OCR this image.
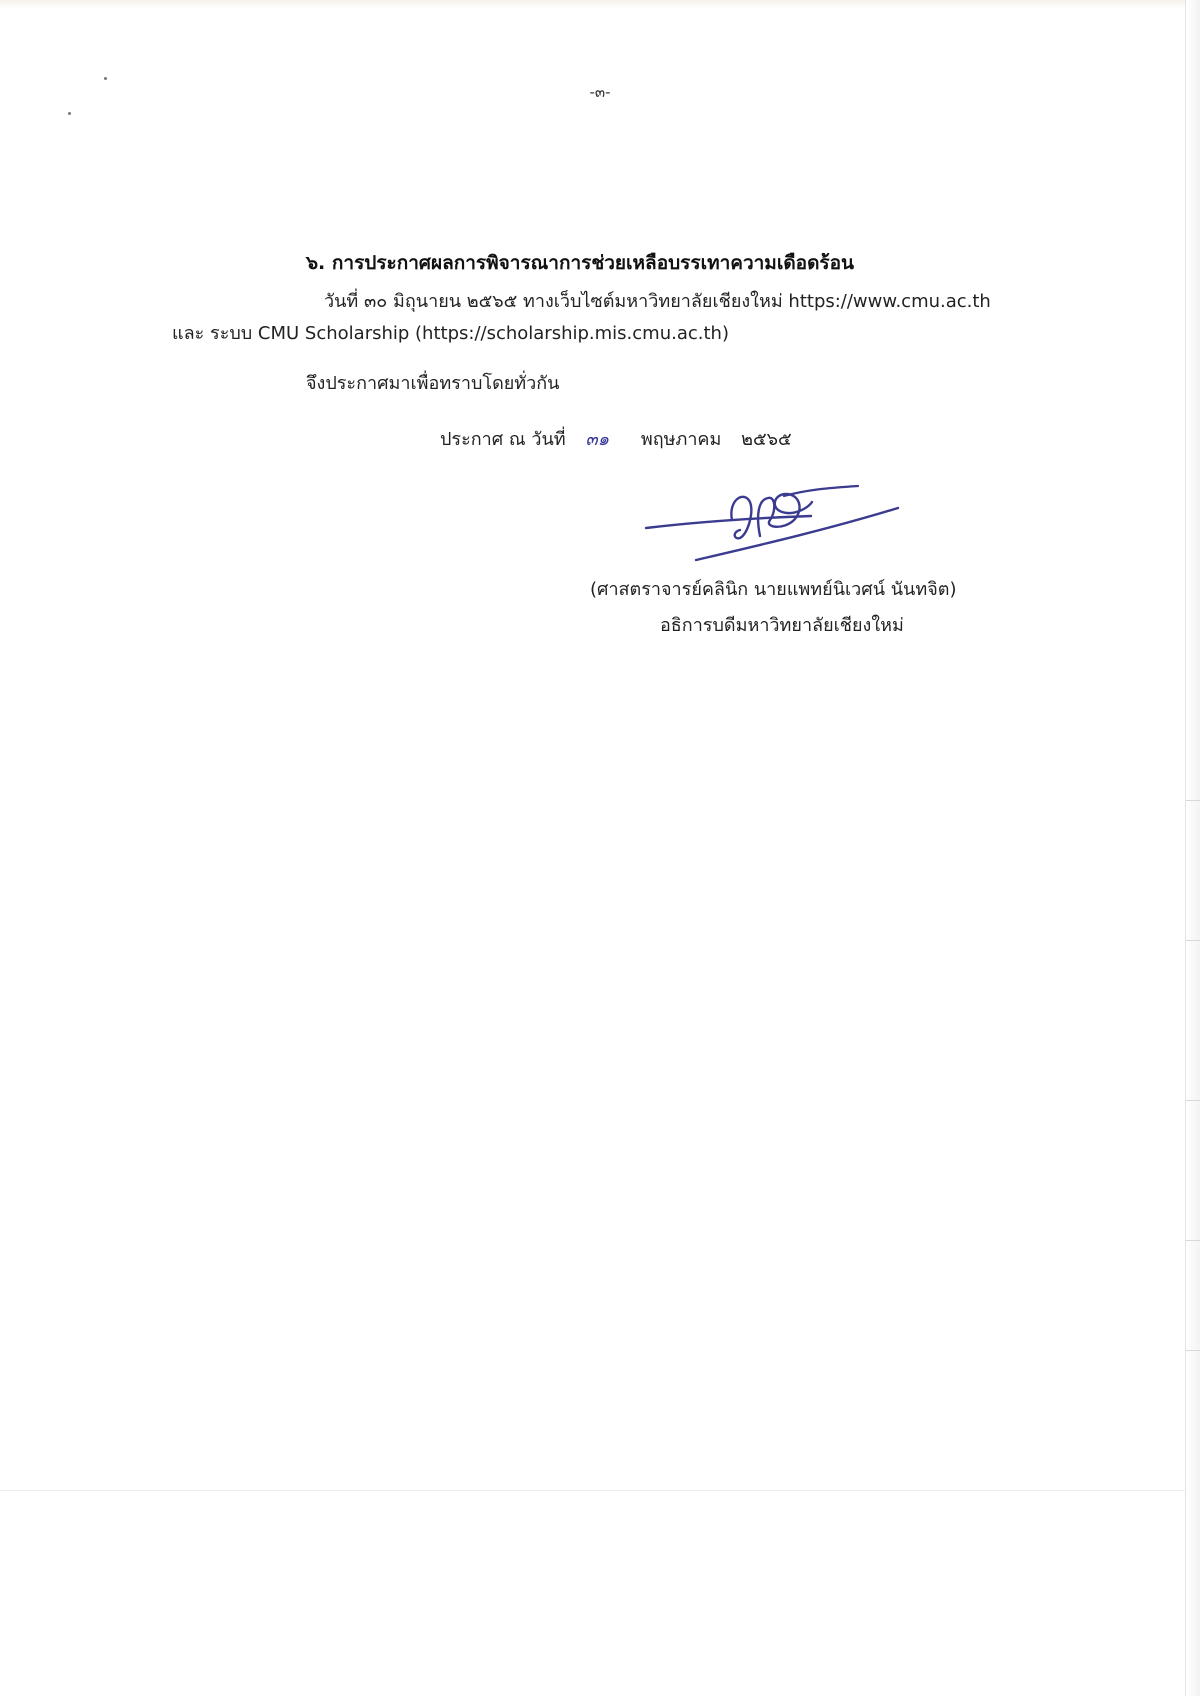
-๓-
๖. การประกาศผลการพิจารณาการช่วยเหลือบรรเทาความเดือดร้อน
วันที่ ๓๐ มิถุนายน ๒๕๖๕ ทางเว็บไซต์มหาวิทยาลัยเชียงใหม่ https://www.cmu.ac.th
และ ระบบ CMU Scholarship (https://scholarship.mis.cmu.ac.th)
จึงประกาศมาเพื่อทราบโดยทั่วกัน
ประกาศ ณ วันที่ ๓๑ พฤษภาคม ๒๕๖๕
(ศาสตราจารย์คลินิก นายแพทย์นิเวศน์ นันทจิต)
อธิการบดีมหาวิทยาลัยเชียงใหม่
